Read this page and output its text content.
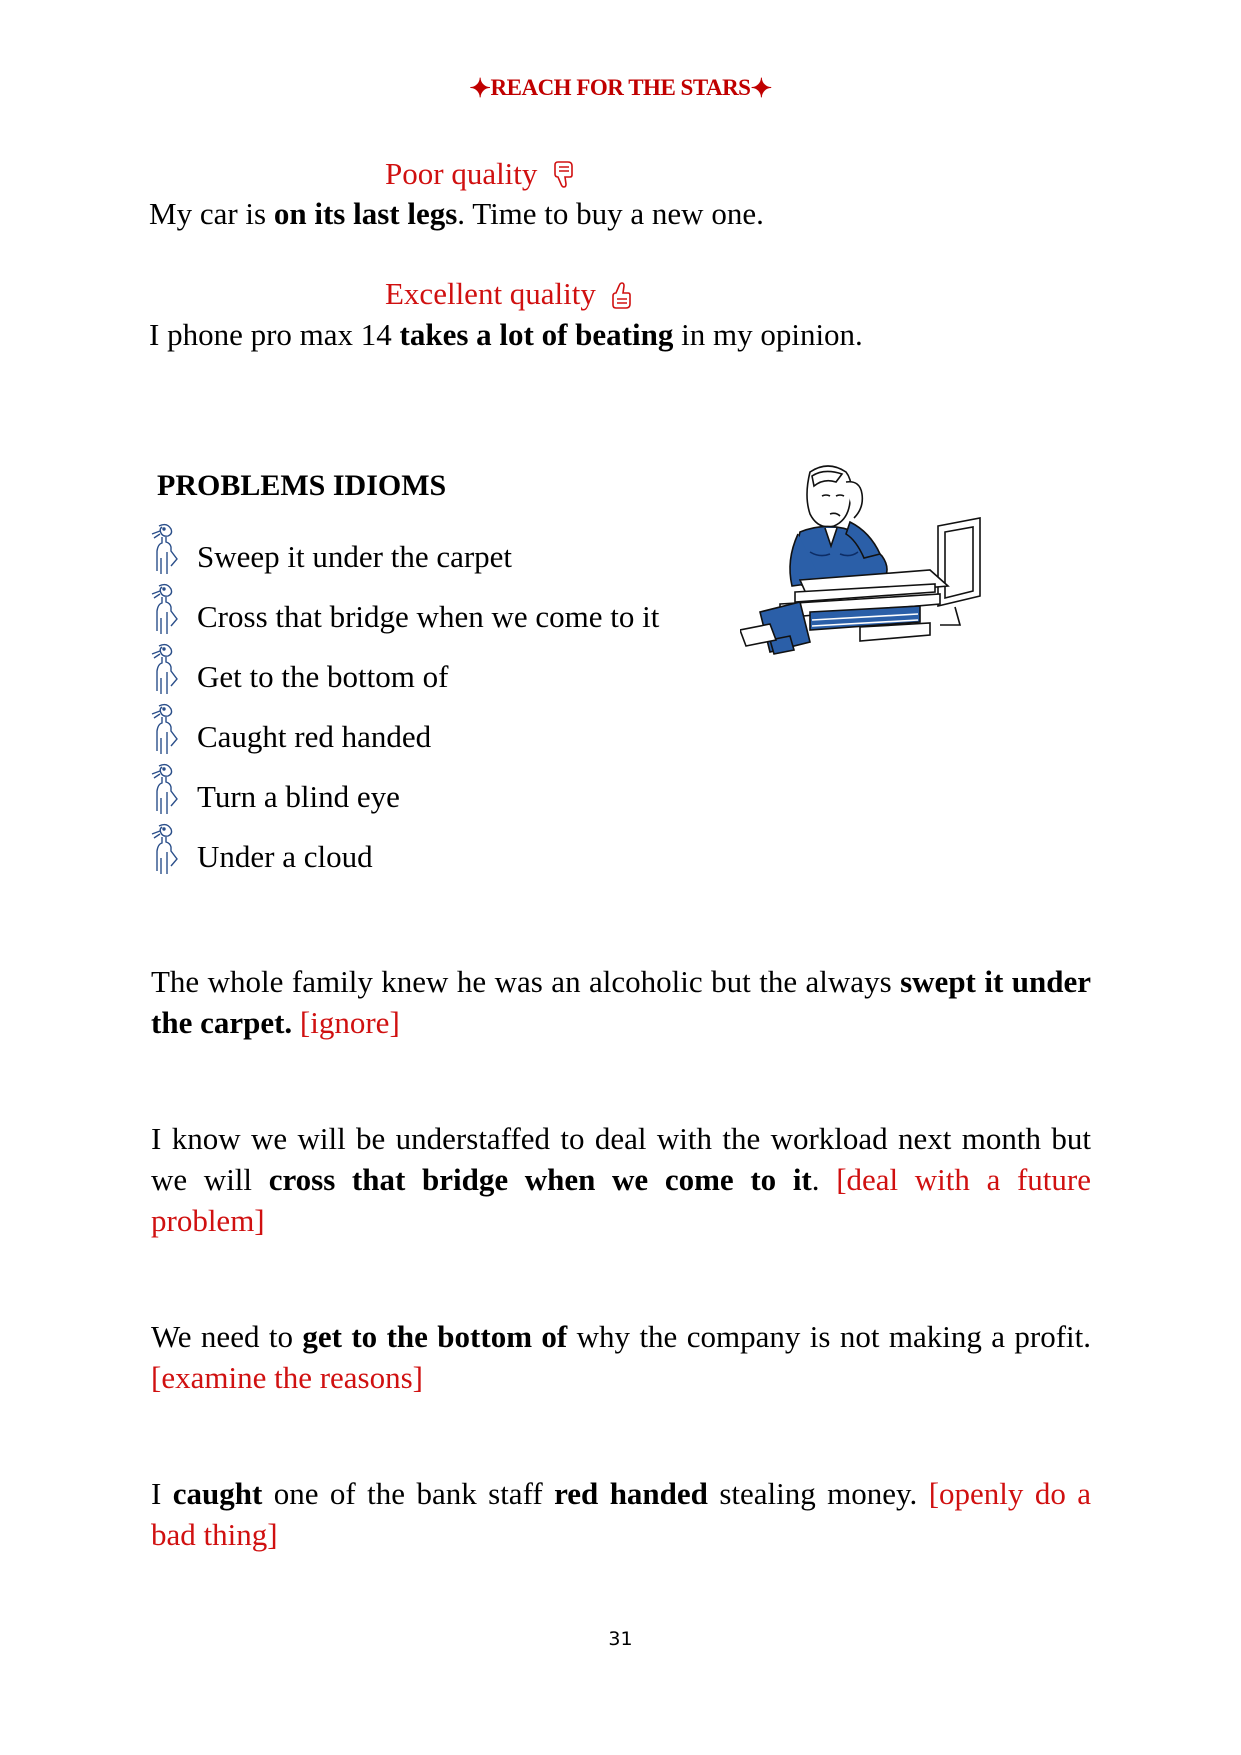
✦REACH FOR THE STARS✦
Poor quality
My car is on its last legs. Time to buy a new one.
Excellent quality
I phone pro max 14 takes a lot of beating in my opinion.
PROBLEMS IDIOMS
Sweep it under the carpet
Cross that bridge when we come to it
Get to the bottom of
Caught red handed
Turn a blind eye
Under a cloud
The whole family knew he was an alcoholic but the always swept it under the carpet. [ignore]
I know we will be understaffed to deal with the workload next month but we will cross that bridge when we come to it. [deal with a future problem]
We need to get to the bottom of why the company is not making a profit. [examine the reasons]
I caught one of the bank staff red handed stealing money. [openly do a bad thing]
31
